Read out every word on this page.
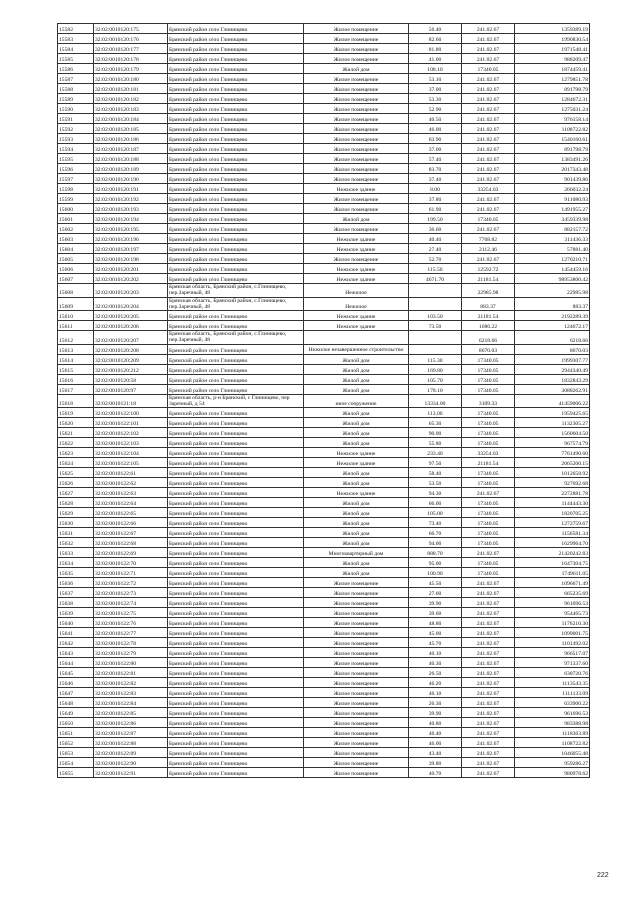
15582	32:02:0010120:175	Брянский район село Глинищево	Жилое помещение	56.40	241.02.67	1359389.19
15583	32:02:0010120:176	Брянский район село Глинищево	Жилое помещение	82.60	241.02.67	1990830.54
15584	32:02:0010120:177	Брянский район село Глинищево	Жилое помещение	81.80	241.02.67	1971548.41
15585	32:02:0010120:178	Брянский район село Глинищево	Жилое помещение	41.00	241.02.67	988209.47
15586	32:02:0010120:179	Брянский район село Глинищево	Жилой дом	108.10	17340.05	1874459.41
15587	32:02:0010120:180	Брянский район село Глинищево	Жилое помещение	53.10	241.02.67	1279851.78
15588	32:02:0010120:181	Брянский район село Глинищево	Жилое помещение	37.00	241.02.67	891798.79
15589	32:02:0010120:182	Брянский район село Глинищево	Жилое помещение	53.30	241.02.67	1284672.31
15590	32:02:0010120:183	Брянский район село Глинищево	Жилое помещение	52.90	241.02.67	1275031.24
15591	32:02:0010120:184	Брянский район село Глинищево	Жилое помещение	40.50	241.02.67	976158.14
15592	32:02:0010120:185	Брянский район село Глинищево	Жилое помещение	46.00	241.02.67	1108722.82
15593	32:02:0010120:186	Брянский район село Глинищево	Жилое помещение	63.90	241.02.67	1540160.61
15594	32:02:0010120:187	Брянский район село Глинищево	Жилое помещение	37.00	241.02.67	891798.79
15595	32:02:0010120:188	Брянский район село Глинищево	Жилое помещение	57.40	241.02.67	1383491.26
15596	32:02:0010120:189	Брянский район село Глинищево	Жилое помещение	83.70	241.02.67	2017343.48
15597	32:02:0010120:190	Брянский район село Глинищево	Жилое помещение	37.40	241.02.67	901439.86
15598	32:02:0010120:191	Брянский район село Глинищево	Нежилое здание	8.00	33254.03	266032.24
15599	32:02:0010120:192	Брянский район село Глинищево	Жилое помещение	37.80	241.02.67	911080.93
15600	32:02:0010120:193	Брянский район село Глинищево	Жилое помещение	61.90	241.02.67	1491955.27
15601	32:02:0010120:194	Брянский район село Глинищево	Жилой дом	199.50	17340.05	3459339.98
15602	32:02:0010120:195	Брянский район село Глинищево	Жилое помещение	36.60	241.02.67	882157.72
15603	32:02:0010120:196	Брянский район село Глинищево	Нежилое здание	40.40	7708.82	311436.33
15604	32:02:0010120:197	Брянский район село Глинищево	Нежилое здание	27.40	2112.46	57881.40
15605	32:02:0010120:198	Брянский район село Глинищево	Жилое помещение	52.70	241.02.67	1270210.71
15606	32:02:0010120:201	Брянский район село Глинищево	Нежилое здание	115.50	12592.72	1454459.16
15607	32:02:0010120:202	Брянский район село Глинищево	Нежилое здание	4671.70	21181.54	98953800.42
15608	32:02:0010120:203	Брянская область, Брянский район, с.Глинищево, пер.Заречный, 48	Нежилое		22985.98	22985.98
15609	32:02:0010120:204	Брянская область, Брянский район, с.Глинищево, пер.Заречный, 48	Нежилое		883.37	883.37
15610	32:02:0010120:205	Брянский район село Глинищево	Нежилое здание	103.50	21181.54	2192289.39
15611	32:02:0010120:206	Брянский район село Глинищево	Нежилое здание	73.50	1686.22	124672.17
15612	32:02:0010120:207	Брянская область, Брянский район, с.Глинищево, пер.Заречный, 48			6218.66	6218.66
15613	32:02:0010120:208	Брянский район село Глинищево	Нежилое незавершенное строительство		8670.03	8670.03
15614	32:02:0010120:209	Брянский район село Глинищево	Жилой дом	115.30	17340.05	1999307.77
15615	32:02:0010120:212	Брянский район село Глинищево	Жилой дом	169.80	17340.05	2944340.49
15616	32:02:0010120:58	Брянский район село Глинищево	Жилой дом	105.70	17340.05	1832843.29
15617	32:02:0010120:97	Брянский район село Глинищево	Жилой дом	178.10	17340.05	3088262.91
15618	32:02:0010121:18	Брянская область, р-н Брянский, с Глинищево, пер Заречный, д 54	иное сооружение	13334.00	3109.33	41459006.22
15619	32:02:0010122:100	Брянский район село Глинищево	Жилой дом	113.00	17340.05	1959425.65
15620	32:02:0010122:101	Брянский район село Глинищево	Жилой дом	65.30	17340.05	1132305.27
15621	32:02:0010122:102	Брянский район село Глинищево	Жилой дом	90.00	17340.05	1560604.50
15622	32:02:0010122:103	Брянский район село Глинищево	Жилой дом	55.80	17340.05	967574.79
15623	32:02:0010122:104	Брянский район село Глинищево	Нежилое здание	233.40	33254.03	7761490.60
15624	32:02:0010122:105	Брянский район село Глинищево	Нежилое здание	97.50	21181.54	2065200.15
15625	32:02:0010122:61	Брянский район село Глинищево	Жилой дом	58.40	17340.05	1012658.92
15626	32:02:0010122:62	Брянский район село Глинищево	Жилой дом	53.50	17340.05	927692.68
15627	32:02:0010122:63	Брянский район село Глинищево	Нежилое здание	94.30	241.02.67	2272881.78
15628	32:02:0010122:64	Брянский район село Глинищево	Жилой дом	66.00	17340.05	1144443.30
15629	32:02:0010122:65	Брянский район село Глинищево	Жилой дом	105.00	17340.05	1820705.25
15630	32:02:0010122:66	Брянский район село Глинищево	Жилой дом	73.40	17340.05	1272759.67
15631	32:02:0010122:67	Брянский район село Глинищево	Жилой дом	66.70	17340.05	1156581.34
15632	32:02:0010122:68	Брянский район село Глинищево	Жилой дом	94.00	17340.05	1629964.70
15633	32:02:0010122:69	Брянский район село Глинищево	Многоквартирный дом	888.70	241.02.67	21420242.83
15634	32:02:0010122:70	Брянский район село Глинищево	Жилой дом	95.00	17340.05	1647304.75
15635	32:02:0010122:71	Брянский район село Глинищево	Жилой дом	100.90	17340.05	1749611.05
15636	32:02:0010122:72	Брянский район село Глинищево	Жилое помещение	45.50	241.02.67	1096671.49
15637	32:02:0010122:73	Брянский район село Глинищево	Жилое помещение	27.60	241.02.67	665235.69
15638	32:02:0010122:74	Брянский район село Глинищево	Жилое помещение	39.90	241.02.67	961696.53
15639	32:02:0010122:75	Брянский район село Глинищево	Жилое помещение	39.60	241.02.67	954465.73
15640	32:02:0010122:76	Брянский район село Глинищево	Жилое помещение	48.80	241.02.67	1176210.30
15641	32:02:0010122:77	Брянский район село Глинищево	Жилое помещение	45.00	241.02.67	1099001.75
15642	32:02:0010122:78	Брянский район село Глинищево	Жилое помещение	45.70	241.02.67	1101492.02
15643	32:02:0010122:79	Брянский район село Глинищево	Жилое помещение	40.10	241.02.67	966517.07
15644	32:02:0010122:80	Брянский район село Глинищево	Жилое помещение	40.30	241.02.67	971337.60
15645	32:02:0010122:81	Брянский район село Глинищево	Жилое помещение	26.50	241.02.67	638720.76
15646	32:02:0010122:82	Брянский район село Глинищево	Жилое помещение	46.20	241.02.67	1113543.35
15647	32:02:0010122:83	Брянский район село Глинищево	Жилое помещение	46.10	241.02.67	1111133.09
15648	32:02:0010122:84	Брянский район село Глинищево	Жилое помещение	26.30	241.02.67	633900.22
15649	32:02:0010122:85	Брянский район село Глинищево	Жилое помещение	39.90	241.02.67	961696.53
15650	32:02:0010122:86	Брянский район село Глинищево	Жилое помещение	40.80	241.02.67	983388.98
15651	32:02:0010122:87	Брянский район село Глинищево	Жилое помещение	46.40	241.02.67	1118363.89
15652	32:02:0010122:88	Брянский район село Глинищево	Жилое помещение	46.00	241.02.67	1108722.82
15653	32:02:0010122:89	Брянский район село Глинищево	Жилое помещение	43.40	241.02.67	1046055.48
15654	32:02:0010122:90	Брянский район село Глинищево	Жилое помещение	39.80	241.02.67	959286.27
15655	32:02:0010122:91	Брянский район село Глинищево	Жилое помещение	40.70	241.02.67	980978.62
222
